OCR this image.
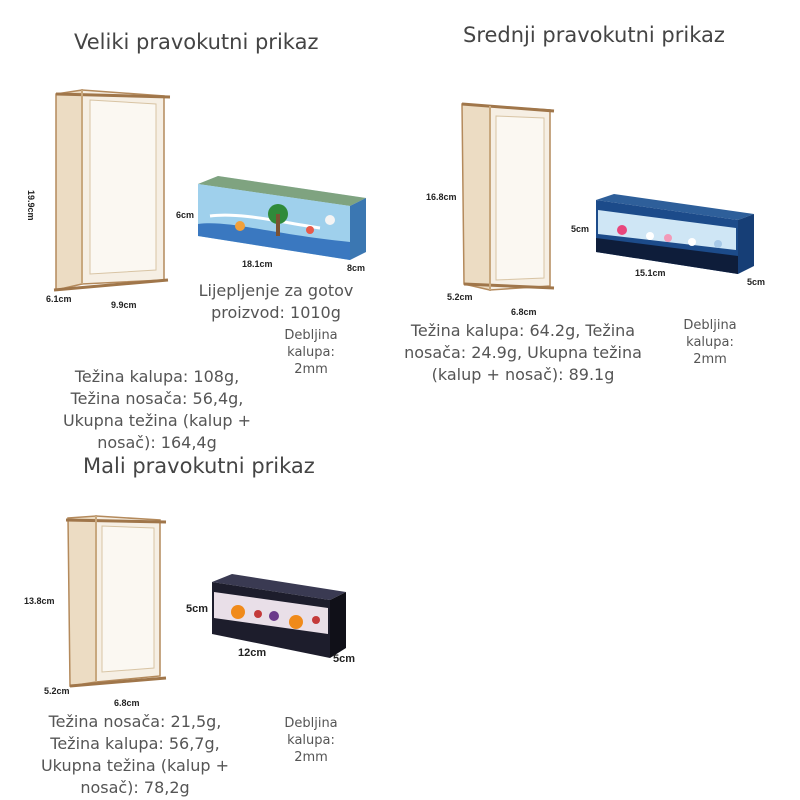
Veliki pravokutni prikaz
19.9cm
6.1cm
9.9cm
6cm
18.1cm	8cm
Lijepljenje za gotov
proizvod: 1010g
Debljina
kalupa:
2mm
Težina kalupa: 108g,
Težina nosača: 56,4g,
Ukupna težina (kalup +
nosač): 164,4g
Srednji pravokutni prikaz
16.8cm
5.2cm
6.8cm
5cm
15.1cm
5cm
Težina kalupa: 64.2g, Težina
nosača: 24.9g, Ukupna težina
(kalup + nosač): 89.1g
Debljina
kalupa:
2mm
Mali pravokutni prikaz
13.8cm
5.2cm
6.8cm
5cm
12cm	5cm
Težina nosača: 21,5g,
Težina kalupa: 56,7g,
Ukupna težina (kalup +
nosač): 78,2g
Debljina
kalupa:
2mm
